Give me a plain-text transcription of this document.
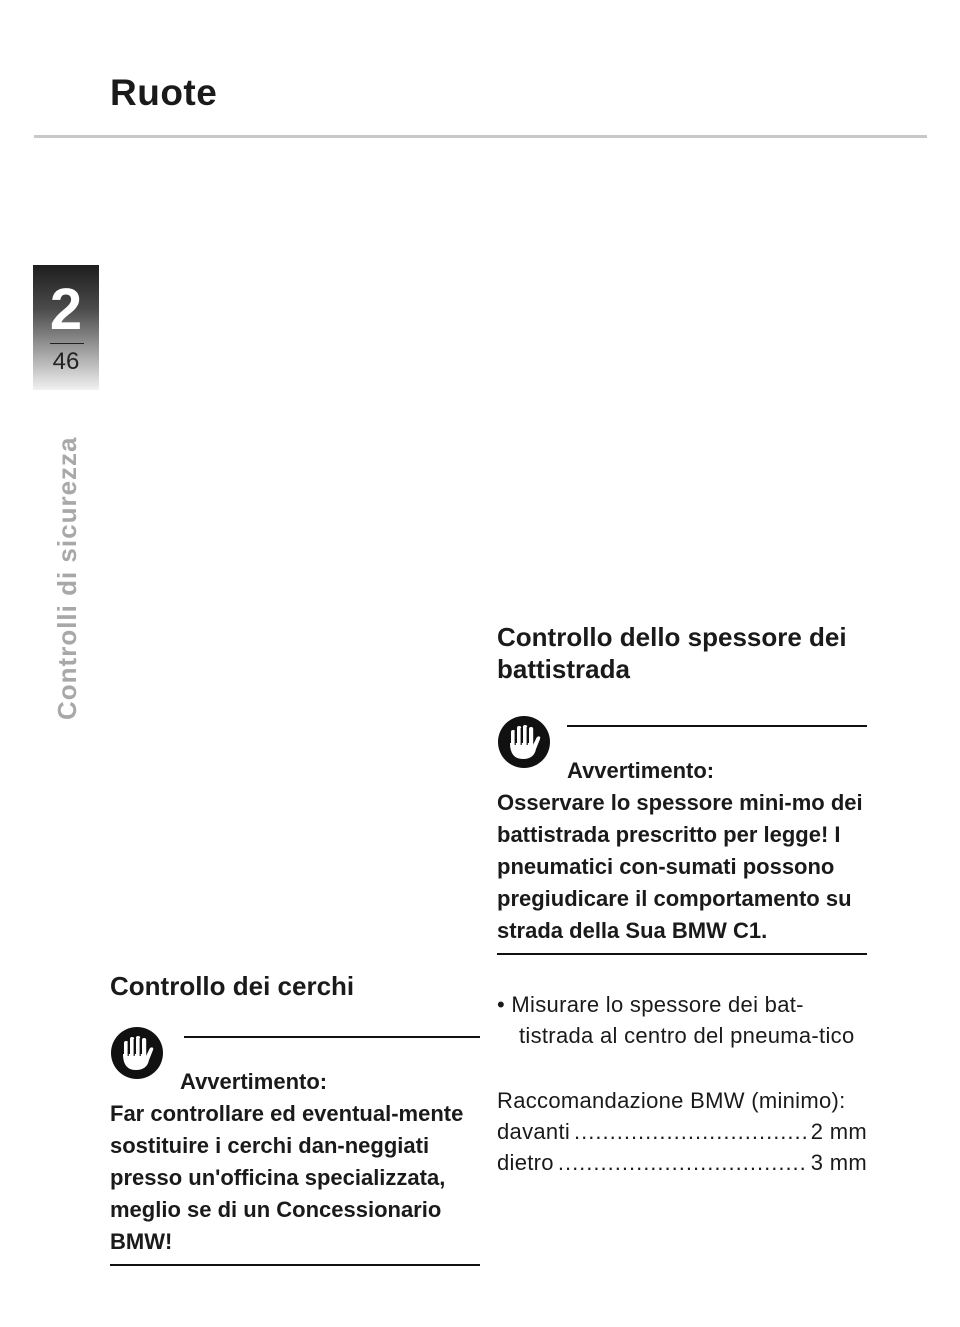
Ruote
2
46
Controlli di sicurezza
Controllo dei cerchi
Avvertimento:
Far controllare ed eventual-mente sostituire i cerchi dan-neggiati presso un'officina specializzata, meglio se di un Concessionario BMW!
Controllo dello spessore dei battistrada
Avvertimento:
Osservare lo spessore mini-mo dei battistrada prescritto per legge! I pneumatici con-sumati possono pregiudicare il comportamento su strada della Sua BMW C1.
• Misurare lo spessore dei bat-tistrada al centro del pneuma-tico
Raccomandazione BMW (minimo):
davanti .....	2 mm
dietro .....	3 mm
